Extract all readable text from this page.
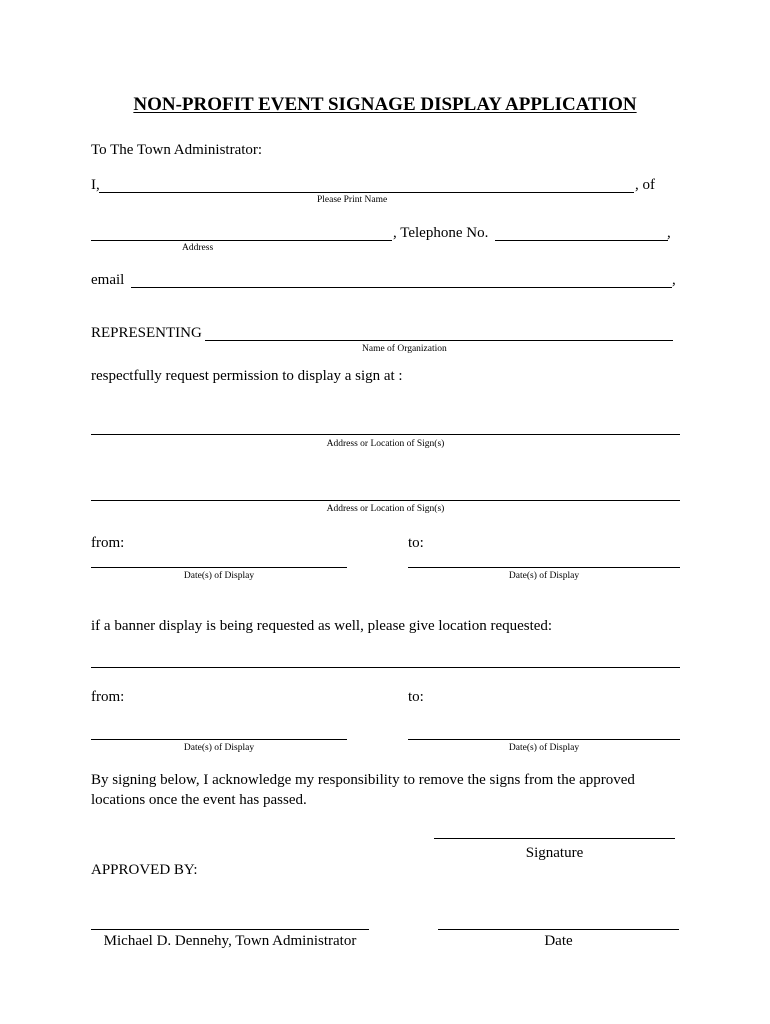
NON-PROFIT EVENT SIGNAGE DISPLAY APPLICATION
To The Town Administrator:
I,	, of
Please Print Name
, Telephone No.	,
Address
email	,
REPRESENTING
Name of Organization
respectfully request permission to display a sign at :
Address or Location of Sign(s)
Address or Location of Sign(s)
from:	to:
Date(s) of Display	Date(s) of Display
if a banner display is being requested as well, please give location requested:
from:	to:
Date(s) of Display	Date(s) of Display
By signing below, I acknowledge my responsibility to remove the signs from the approved
locations once the event has passed.
Signature
APPROVED BY:
Michael D. Dennehy, Town Administrator	Date
